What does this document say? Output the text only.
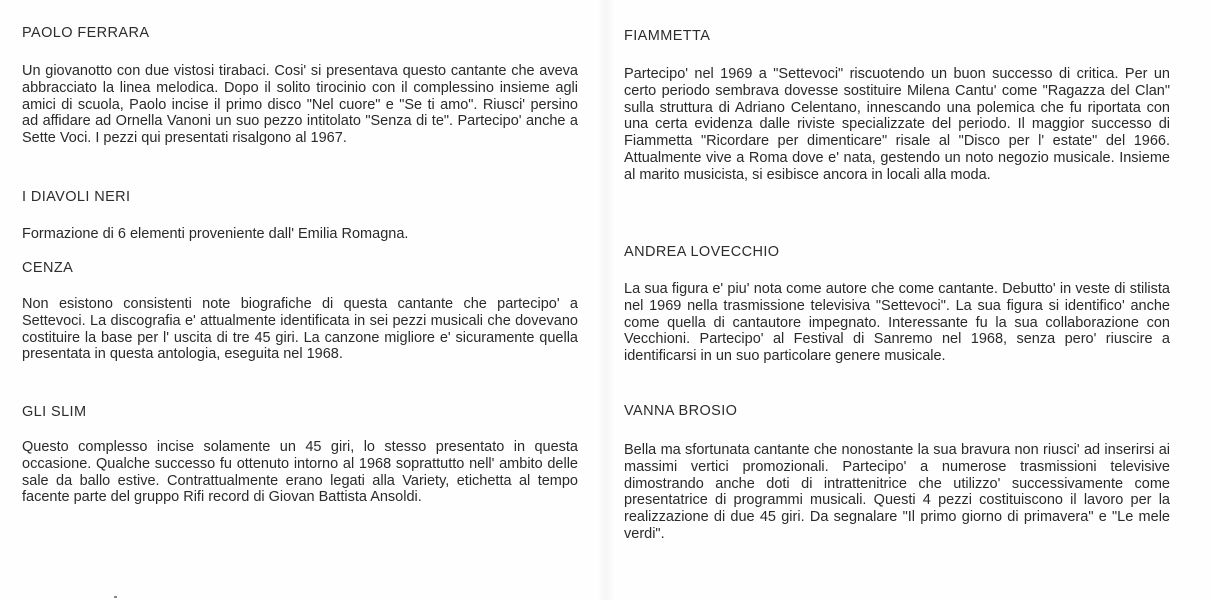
PAOLO FERRARA
Un giovanotto con due vistosi tirabaci. Cosi' si presentava questo cantante che aveva abbracciato la linea melodica. Dopo il solito tirocinio con il complessino insieme agli amici di scuola, Paolo incise il primo disco "Nel cuore" e "Se ti amo". Riusci' persino ad affidare ad Ornella Vanoni un suo pezzo intitolato "Senza di te". Partecipo' anche a Sette Voci. I pezzi qui presentati risalgono al 1967.
I DIAVOLI NERI
Formazione di 6 elementi proveniente dall' Emilia Romagna.
CENZA
Non esistono consistenti note biografiche di questa cantante che partecipo' a Settevoci. La discografia e' attualmente identificata in sei pezzi musicali che dovevano costituire la base per l' uscita di tre 45 giri. La canzone migliore e' sicuramente quella presentata in questa antologia, eseguita nel 1968.
GLI SLIM
Questo complesso incise solamente un 45 giri, lo stesso presentato in questa occasione. Qualche successo fu ottenuto intorno al 1968 soprattutto nell' ambito delle sale da ballo estive. Contrattualmente erano legati alla Variety, etichetta al tempo facente parte del gruppo Rifi record di Giovan Battista Ansoldi.
FIAMMETTA
Partecipo' nel 1969 a "Settevoci" riscuotendo un buon successo di critica. Per un certo periodo sembrava dovesse sostituire Milena Cantu' come "Ragazza del Clan" sulla struttura di Adriano Celentano, innescando una polemica che fu riportata con una certa evidenza dalle riviste specializzate del periodo. Il maggior successo di Fiammetta "Ricordare per dimenticare" risale al "Disco per l' estate" del 1966. Attualmente vive a Roma dove e' nata, gestendo un noto negozio musicale. Insieme al marito musicista, si esibisce ancora in locali alla moda.
ANDREA LOVECCHIO
La sua figura e' piu' nota come autore che come cantante. Debutto' in veste di stilista nel 1969 nella trasmissione televisiva "Settevoci". La sua figura si identifico' anche come quella di cantautore impegnato. Interessante fu la sua collaborazione con Vecchioni. Partecipo' al Festival di Sanremo nel 1968, senza pero' riuscire a identificarsi in un suo particolare genere musicale.
VANNA BROSIO
Bella ma sfortunata cantante che nonostante la sua bravura non riusci' ad inserirsi ai massimi vertici promozionali. Partecipo' a numerose trasmissioni televisive dimostrando anche doti di intrattenitrice che utilizzo' successivamente come presentatrice di programmi musicali. Questi 4 pezzi costituiscono il lavoro per la realizzazione di due 45 giri. Da segnalare "Il primo giorno di primavera" e "Le mele verdi".
